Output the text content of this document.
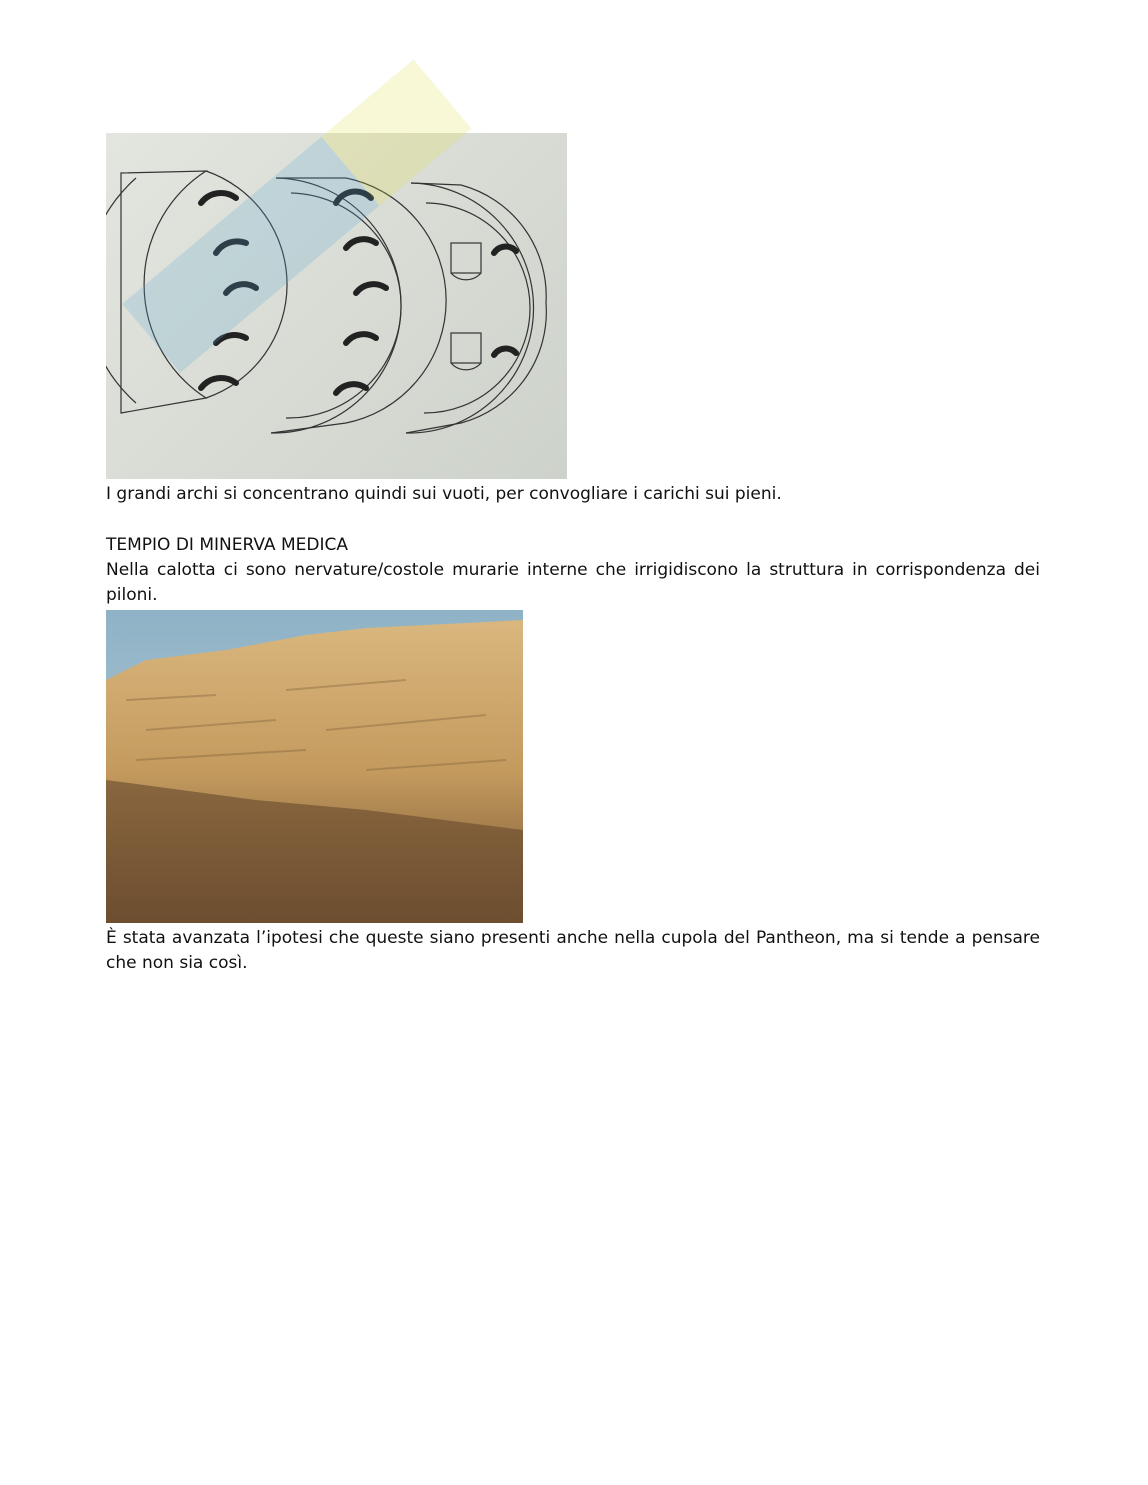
I grandi archi si concentrano quindi sui vuoti, per convogliare i carichi sui pieni.

TEMPIO DI MINERVA MEDICA

Nella calotta ci sono nervature/costole murarie interne che irrigidiscono la struttura in corrispondenza dei piloni.

È stata avanzata l’ipotesi che queste siano presenti anche nella cupola del Pantheon, ma si tende a pensare che non sia così.
